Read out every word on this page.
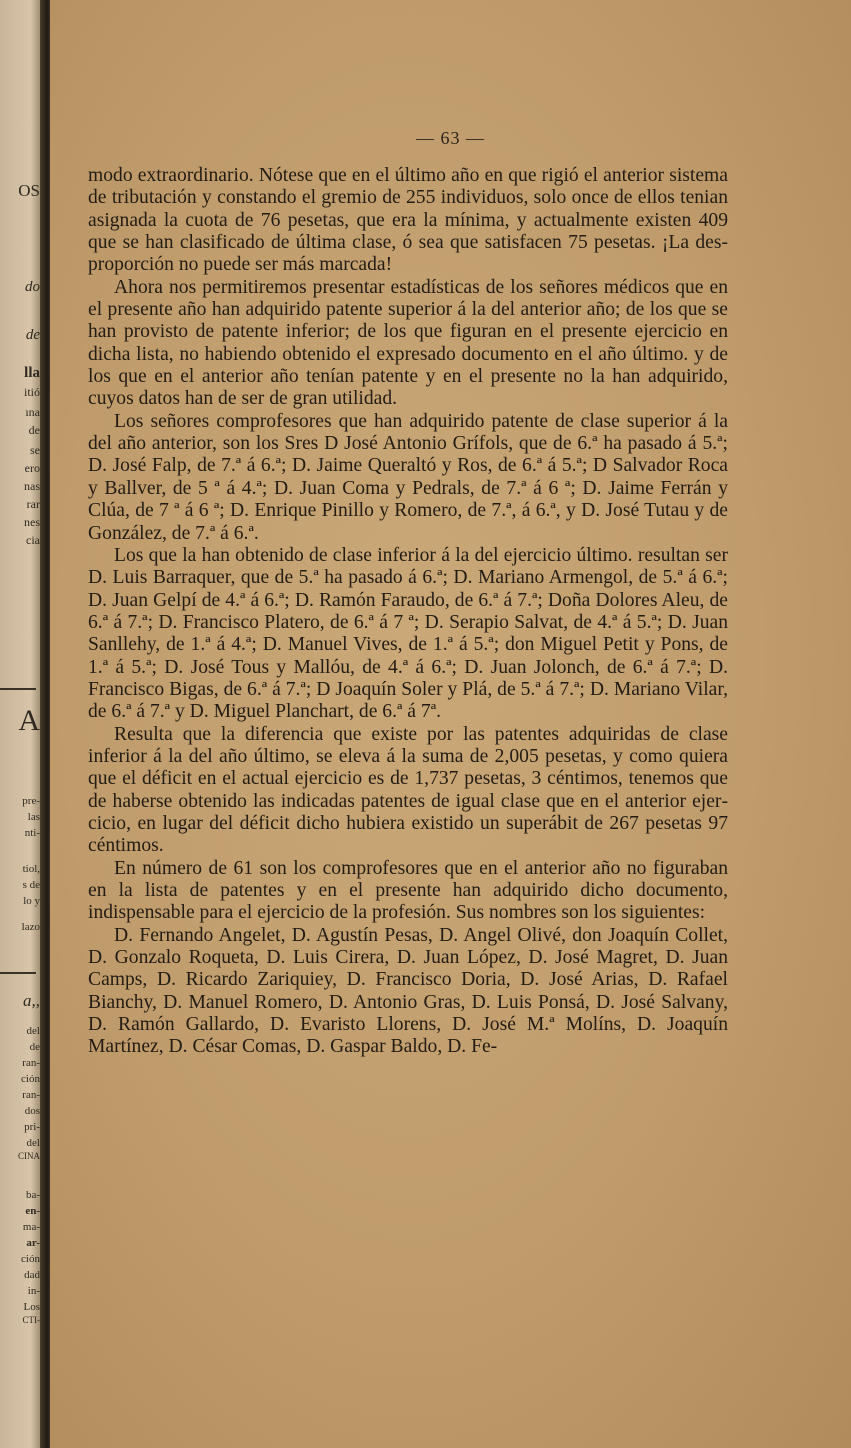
OS
do
de
lla
itió
ına
de
se
ero
nas
rar
nes
cia
A
pre-
las
nti-
tiol,
s de
lo y
lazo
a,,
del
de
ran-
ción
ran-
dos
pri-
del
CINA
ba-
en-
ma-
ar-
ción
dad
in-
Los
CTI-
— 63 —

modo extraordinario. Nótese que en el último año en que rigió el anterior sistema de tributación y constando el gremio de 255 individuos, solo once de ellos tenian asignada la cuota de 76 pesetas, que era la mínima, y actualmente existen 409 que se han clasificado de última clase, ó sea que satisfacen 75 pesetas. ¡La desproporción no puede ser más marcada!

Ahora nos permitiremos presentar estadísticas de los señores médicos que en el presente año han adquirido patente superior á la del anterior año; de los que se han provisto de patente inferior; de los que figuran en el presente ejercicio en dicha lista, no habiendo obtenido el expresado documento en el año último. y de los que en el anterior año tenían patente y en el presente no la han adquirido, cuyos datos han de ser de gran utilidad.

Los señores comprofesores que han adquirido patente de clase superior á la del año anterior, son los Sres D José Antonio Grífols, que de 6.ª ha pasado á 5.ª; D. José Falp, de 7.ª á 6.ª; D. Jaime Queraltó y Ros, de 6.ª á 5.ª; D Salvador Roca y Ballver, de 5 ª á 4.ª; D. Juan Coma y Pedrals, de 7.ª á 6 ª; D. Jaime Ferrán y Clúa, de 7 ª á 6 ª; D. Enrique Pinillo y Romero, de 7.ª, á 6.ª, y D. José Tutau y de González, de 7.ª á 6.ª.

Los que la han obtenido de clase inferior á la del ejercicio último. resultan ser D. Luis Barraquer, que de 5.ª ha pasado á 6.ª; D. Mariano Armengol, de 5.ª á 6.ª; D. Juan Gelpí de 4.ª á 6.ª; D. Ramón Faraudo, de 6.ª á 7.ª; Doña Dolores Aleu, de 6.ª á 7.ª; D. Francisco Platero, de 6.ª á 7 ª; D. Serapio Salvat, de 4.ª á 5.ª; D. Juan Sanllehy, de 1.ª á 4.ª; D. Manuel Vives, de 1.ª á 5.ª; don Miguel Petit y Pons, de 1.ª á 5.ª; D. José Tous y Mallóu, de 4.ª á 6.ª; D. Juan Jolonch, de 6.ª á 7.ª; D. Francisco Bigas, de 6.ª á 7.ª; D Joaquín Soler y Plá, de 5.ª á 7.ª; D. Mariano Vilar, de 6.ª á 7.ª y D. Miguel Planchart, de 6.ª á 7ª.

Resulta que la diferencia que existe por las patentes adquiridas de clase inferior á la del año último, se eleva á la suma de 2,005 pesetas, y como quiera que el déficit en el actual ejercicio es de 1,737 pesetas, 3 céntimos, tenemos que de haberse obtenido las indicadas patentes de igual clase que en el anterior ejercicio, en lugar del déficit dicho hubiera existido un superábit de 267 pesetas 97 céntimos.

En número de 61 son los comprofesores que en el anterior año no figuraban en la lista de patentes y en el presente han adquirido dicho documento, indispensable para el ejercicio de la profesión. Sus nombres son los siguientes:

D. Fernando Angelet, D. Agustín Pesas, D. Angel Olivé, don Joaquín Collet, D. Gonzalo Roqueta, D. Luis Cirera, D. Juan López, D. José Magret, D. Juan Camps, D. Ricardo Zariquiey, D. Francisco Doria, D. José Arias, D. Rafael Bianchy, D. Manuel Romero, D. Antonio Gras, D. Luis Ponsá, D. José Salvany, D. Ramón Gallardo, D. Evaristo Llorens, D. José M.ª Molíns, D. Joaquín Martínez, D. César Comas, D. Gaspar Baldo, D. Fe-
